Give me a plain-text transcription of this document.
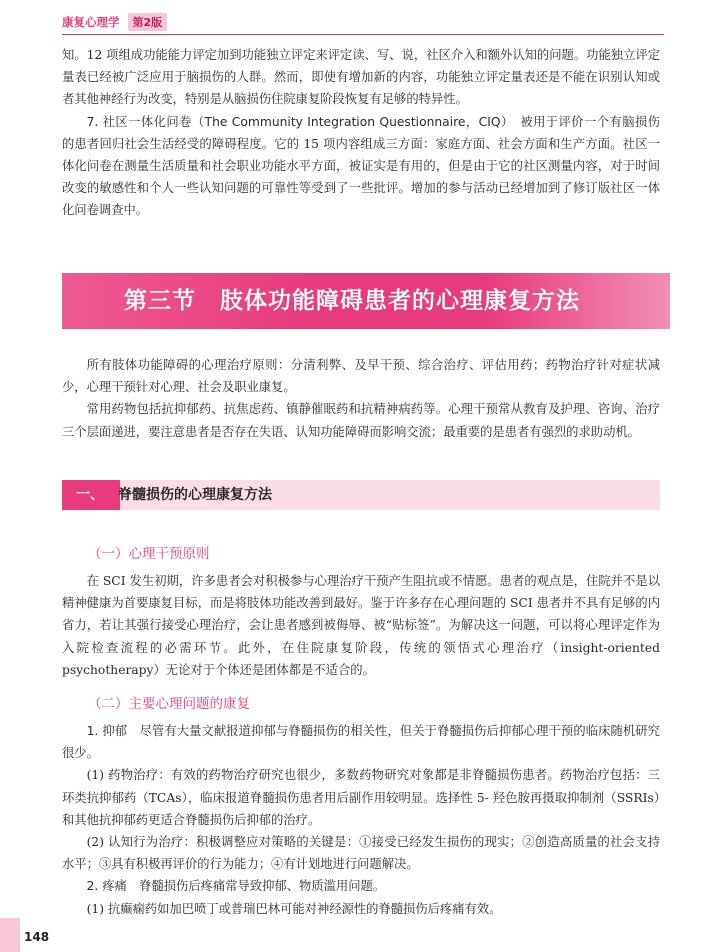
康复心理学	第2版

知。12 项组成功能能力评定加到功能独立评定来评定读、写、说，社区介入和额外认知的问题。功能独立评定量表已经被广泛应用于脑损伤的人群。然而，即使有增加新的内容，功能独立评定量表还是不能在识别认知或者其他神经行为改变，特别是从脑损伤住院康复阶段恢复有足够的特异性。

7. 社区一体化问卷（The Community Integration Questionnaire，CIQ）　 被用于评价一个有脑损伤的患者回归社会生活经受的障碍程度。它的 15 项内容组成三方面：家庭方面、社会方面和生产方面。社区一体化问卷在测量生活质量和社会职业功能水平方面，被证实是有用的，但是由于它的社区测量内容，对于时间改变的敏感性和个人一些认知问题的可靠性等受到了一些批评。增加的参与活动已经增加到了修订版社区一体化问卷调查中。

第三节　肢体功能障碍患者的心理康复方法

所有肢体功能障碍的心理治疗原则：分清利弊、及早干预、综合治疗、评估用药；药物治疗针对症状减少，心理干预针对心理、社会及职业康复。

常用药物包括抗抑郁药、抗焦虑药、镇静催眠药和抗精神病药等。心理干预常从教育及护理、咨询、治疗三个层面递进，要注意患者是否存在失语、认知功能障碍而影响交流；最重要的是患者有强烈的求助动机。

一、	脊髓损伤的心理康复方法
（一）心理干预原则

在 SCI 发生初期，许多患者会对积极参与心理治疗干预产生阻抗或不情愿。患者的观点是，住院并不是以精神健康为首要康复目标，而是将肢体功能改善到最好。鉴于许多存在心理问题的 SCI 患者并不具有足够的内省力，若让其强行接受心理治疗，会让患者感到被侮辱、被“贴标签”。为解决这一问题，可以将心理评定作为入院检查流程的必需环节。此外，在住院康复阶段，传统的领悟式心理治疗（insight-oriented psychotherapy）无论对于个体还是团体都是不适合的。

（二）主要心理问题的康复

1. 抑郁　 尽管有大量文献报道抑郁与脊髓损伤的相关性，但关于脊髓损伤后抑郁心理干预的临床随机研究很少。

(1) 药物治疗：有效的药物治疗研究也很少，多数药物研究对象都是非脊髓损伤患者。药物治疗包括：三环类抗抑郁药（TCAs），临床报道脊髓损伤患者用后副作用较明显。选择性 5- 羟色胺再摄取抑制剂（SSRIs）和其他抗抑郁药更适合脊髓损伤后抑郁的治疗。

(2) 认知行为治疗：积极调整应对策略的关键是：①接受已经发生损伤的现实；②创造高质量的社会支持水平；③具有积极再评价的行为能力；④有计划地进行问题解决。

2. 疼痛　 脊髓损伤后疼痛常导致抑郁、物质滥用问题。

(1) 抗癫痫药如加巴喷丁或普瑞巴林可能对神经源性的脊髓损伤后疼痛有效。

148
